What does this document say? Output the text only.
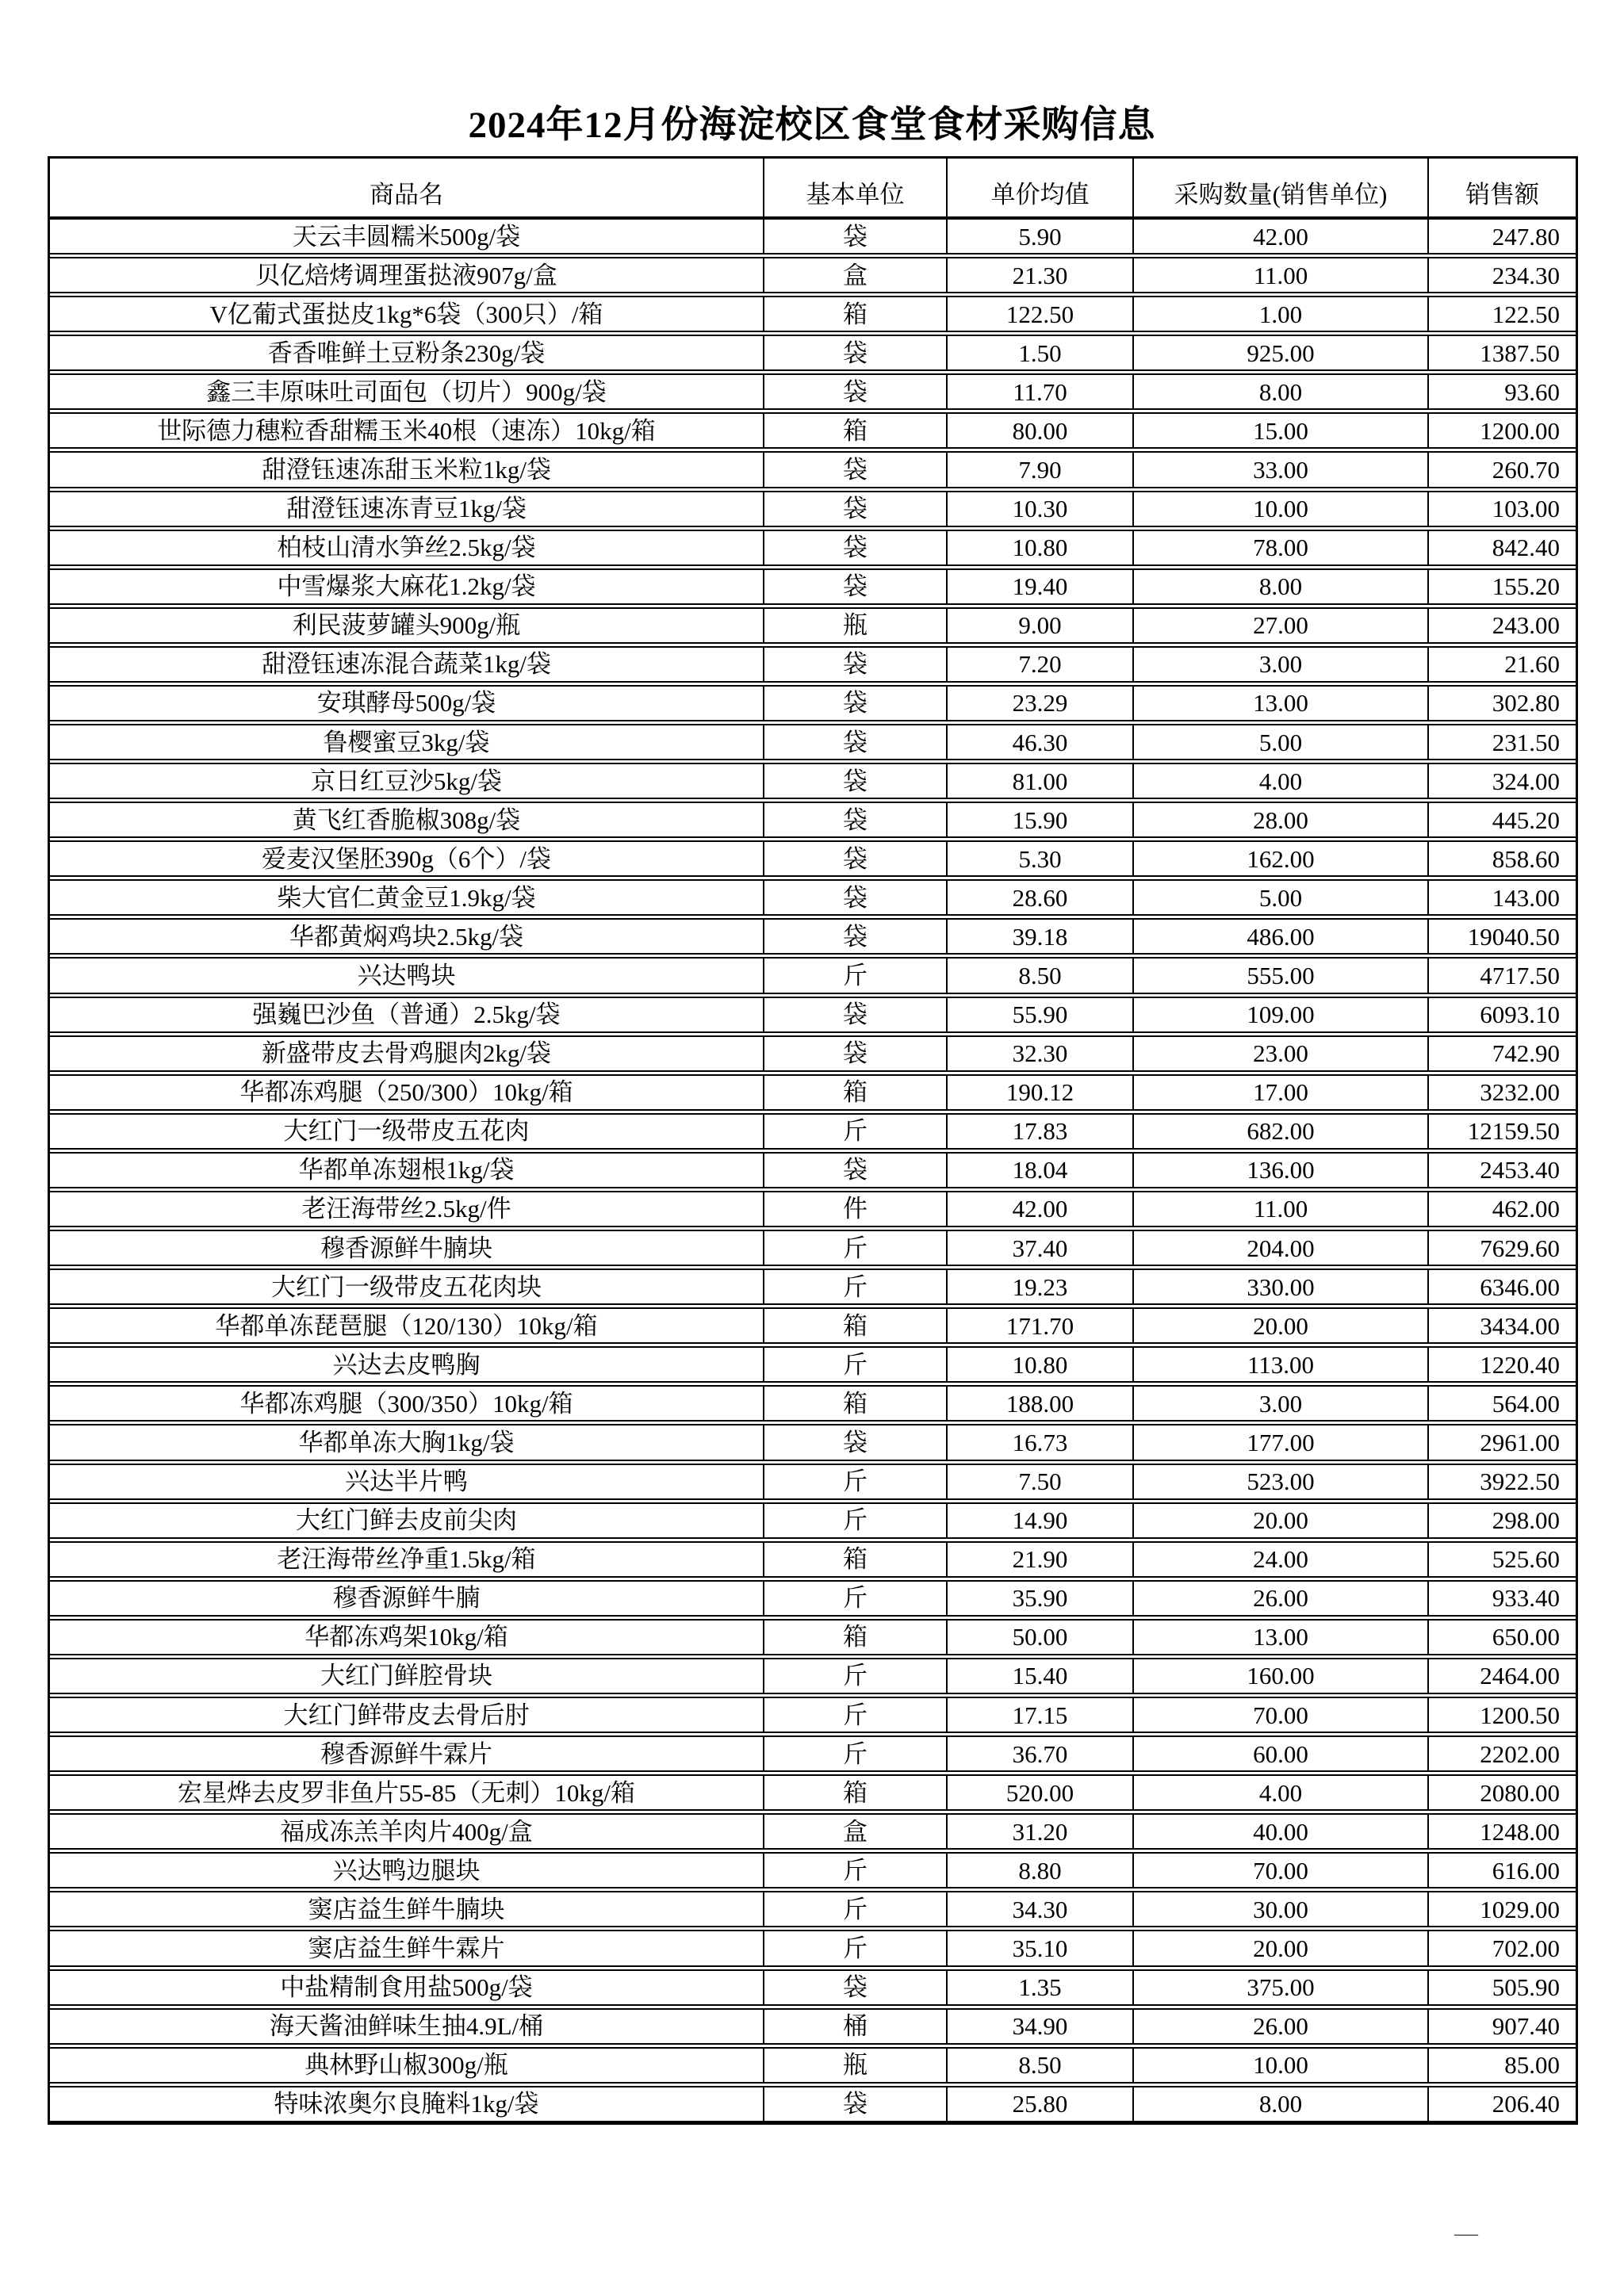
2024年12月份海淀校区食堂食材采购信息
商品名	基本单位	单价均值	采购数量(销售单位)	销售额
天云丰圆糯米500g/袋	袋	5.90	42.00	247.80
贝亿焙烤调理蛋挞液907g/盒	盒	21.30	11.00	234.30
V亿葡式蛋挞皮1kg*6袋（300只）/箱	箱	122.50	1.00	122.50
香香唯鲜土豆粉条230g/袋	袋	1.50	925.00	1387.50
鑫三丰原味吐司面包（切片）900g/袋	袋	11.70	8.00	93.60
世际德力穗粒香甜糯玉米40根（速冻）10kg/箱	箱	80.00	15.00	1200.00
甜澄钰速冻甜玉米粒1kg/袋	袋	7.90	33.00	260.70
甜澄钰速冻青豆1kg/袋	袋	10.30	10.00	103.00
柏枝山清水笋丝2.5kg/袋	袋	10.80	78.00	842.40
中雪爆浆大麻花1.2kg/袋	袋	19.40	8.00	155.20
利民菠萝罐头900g/瓶	瓶	9.00	27.00	243.00
甜澄钰速冻混合蔬菜1kg/袋	袋	7.20	3.00	21.60
安琪酵母500g/袋	袋	23.29	13.00	302.80
鲁樱蜜豆3kg/袋	袋	46.30	5.00	231.50
京日红豆沙5kg/袋	袋	81.00	4.00	324.00
黄飞红香脆椒308g/袋	袋	15.90	28.00	445.20
爱麦汉堡胚390g（6个）/袋	袋	5.30	162.00	858.60
柴大官仁黄金豆1.9kg/袋	袋	28.60	5.00	143.00
华都黄焖鸡块2.5kg/袋	袋	39.18	486.00	19040.50
兴达鸭块	斤	8.50	555.00	4717.50
强巍巴沙鱼（普通）2.5kg/袋	袋	55.90	109.00	6093.10
新盛带皮去骨鸡腿肉2kg/袋	袋	32.30	23.00	742.90
华都冻鸡腿（250/300）10kg/箱	箱	190.12	17.00	3232.00
大红门一级带皮五花肉	斤	17.83	682.00	12159.50
华都单冻翅根1kg/袋	袋	18.04	136.00	2453.40
老汪海带丝2.5kg/件	件	42.00	11.00	462.00
穆香源鲜牛腩块	斤	37.40	204.00	7629.60
大红门一级带皮五花肉块	斤	19.23	330.00	6346.00
华都单冻琵琶腿（120/130）10kg/箱	箱	171.70	20.00	3434.00
兴达去皮鸭胸	斤	10.80	113.00	1220.40
华都冻鸡腿（300/350）10kg/箱	箱	188.00	3.00	564.00
华都单冻大胸1kg/袋	袋	16.73	177.00	2961.00
兴达半片鸭	斤	7.50	523.00	3922.50
大红门鲜去皮前尖肉	斤	14.90	20.00	298.00
老汪海带丝净重1.5kg/箱	箱	21.90	24.00	525.60
穆香源鲜牛腩	斤	35.90	26.00	933.40
华都冻鸡架10kg/箱	箱	50.00	13.00	650.00
大红门鲜腔骨块	斤	15.40	160.00	2464.00
大红门鲜带皮去骨后肘	斤	17.15	70.00	1200.50
穆香源鲜牛霖片	斤	36.70	60.00	2202.00
宏星烨去皮罗非鱼片55-85（无刺）10kg/箱	箱	520.00	4.00	2080.00
福成冻羔羊肉片400g/盒	盒	31.20	40.00	1248.00
兴达鸭边腿块	斤	8.80	70.00	616.00
窦店益生鲜牛腩块	斤	34.30	30.00	1029.00
窦店益生鲜牛霖片	斤	35.10	20.00	702.00
中盐精制食用盐500g/袋	袋	1.35	375.00	505.90
海天酱油鲜味生抽4.9L/桶	桶	34.90	26.00	907.40
典林野山椒300g/瓶	瓶	8.50	10.00	85.00
特味浓奥尔良腌料1kg/袋	袋	25.80	8.00	206.40
—
